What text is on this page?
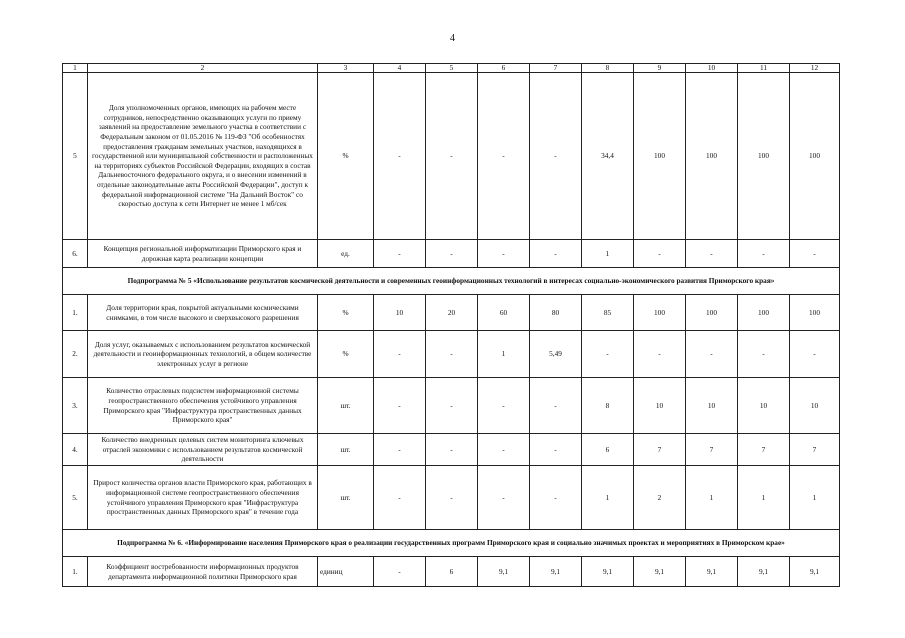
4
1	2	3	4	5	6	7	8	9	10	11	12
5	Доля уполномоченных органов, имеющих на рабочем месте сотрудников, непосредственно оказывающих услуги по приему заявлений на предоставление земельного участка в соответствии с Федеральным законом от 01.05.2016 № 119-ФЗ "Об особенностях предоставления гражданам земельных участков, находящихся в государственной или муниципальной собственности и расположенных на территориях субъектов Российской Федерации, входящих в состав Дальневосточного федерального округа, и о внесении изменений в отдельные законодательные акты Российской Федерации", доступ к федеральной информационной системе "На Дальний Восток" со скоростью доступа к сети Интернет не менее 1 мб/сек	%	-	-	-	-	34,4	100	100	100	100
6.	Концепция региональной информатизации Приморского края и дорожная карта реализации концепции	ед.	-	-	-	-	1	-	-	-	-
Подпрограмма № 5 «Использование результатов космической деятельности и современных геоинформационных технологий в интересах социально-экономического развития Приморского края»											
1.	Доля территории края, покрытой актуальными космическими снимками, в том числе высокого и сверхвысокого разрешения	%	10	20	60	80	85	100	100	100	100
2.	Доля услуг, оказываемых с использованием результатов космической деятельности и геоинформационных технологий, в общем количестве электронных услуг в регионе	%	-	-	1	5,49	-	-	-	-	-
3.	Количество отраслевых подсистем информационной системы геопространственного обеспечения устойчивого управления Приморского края "Инфраструктура пространственных данных Приморского края"	шт.	-	-	-	-	8	10	10	10	10
4.	Количество внедренных целевых систем мониторинга ключевых отраслей экономики с использованием результатов космической деятельности	шт.	-	-	-	-	6	7	7	7	7
5.	Прирост количества органов власти Приморского края, работающих в информационной системе геопространственного обеспечения устойчивого управления Приморского края "Инфраструктура пространственных данных Приморского края" в течение года	шт.	-	-	-	-	1	2	1	1	1
Подпрограмма № 6. «Информирование населения Приморского края о реализации государственных программ Приморского края и социально значимых проектах и мероприятиях в Приморском крае»											
1.	Коэффициент востребованности информационных продуктов департамента информационной политики Приморского края	единиц	-	6	9,1	9,1	9,1	9,1	9,1	9,1	9,1
